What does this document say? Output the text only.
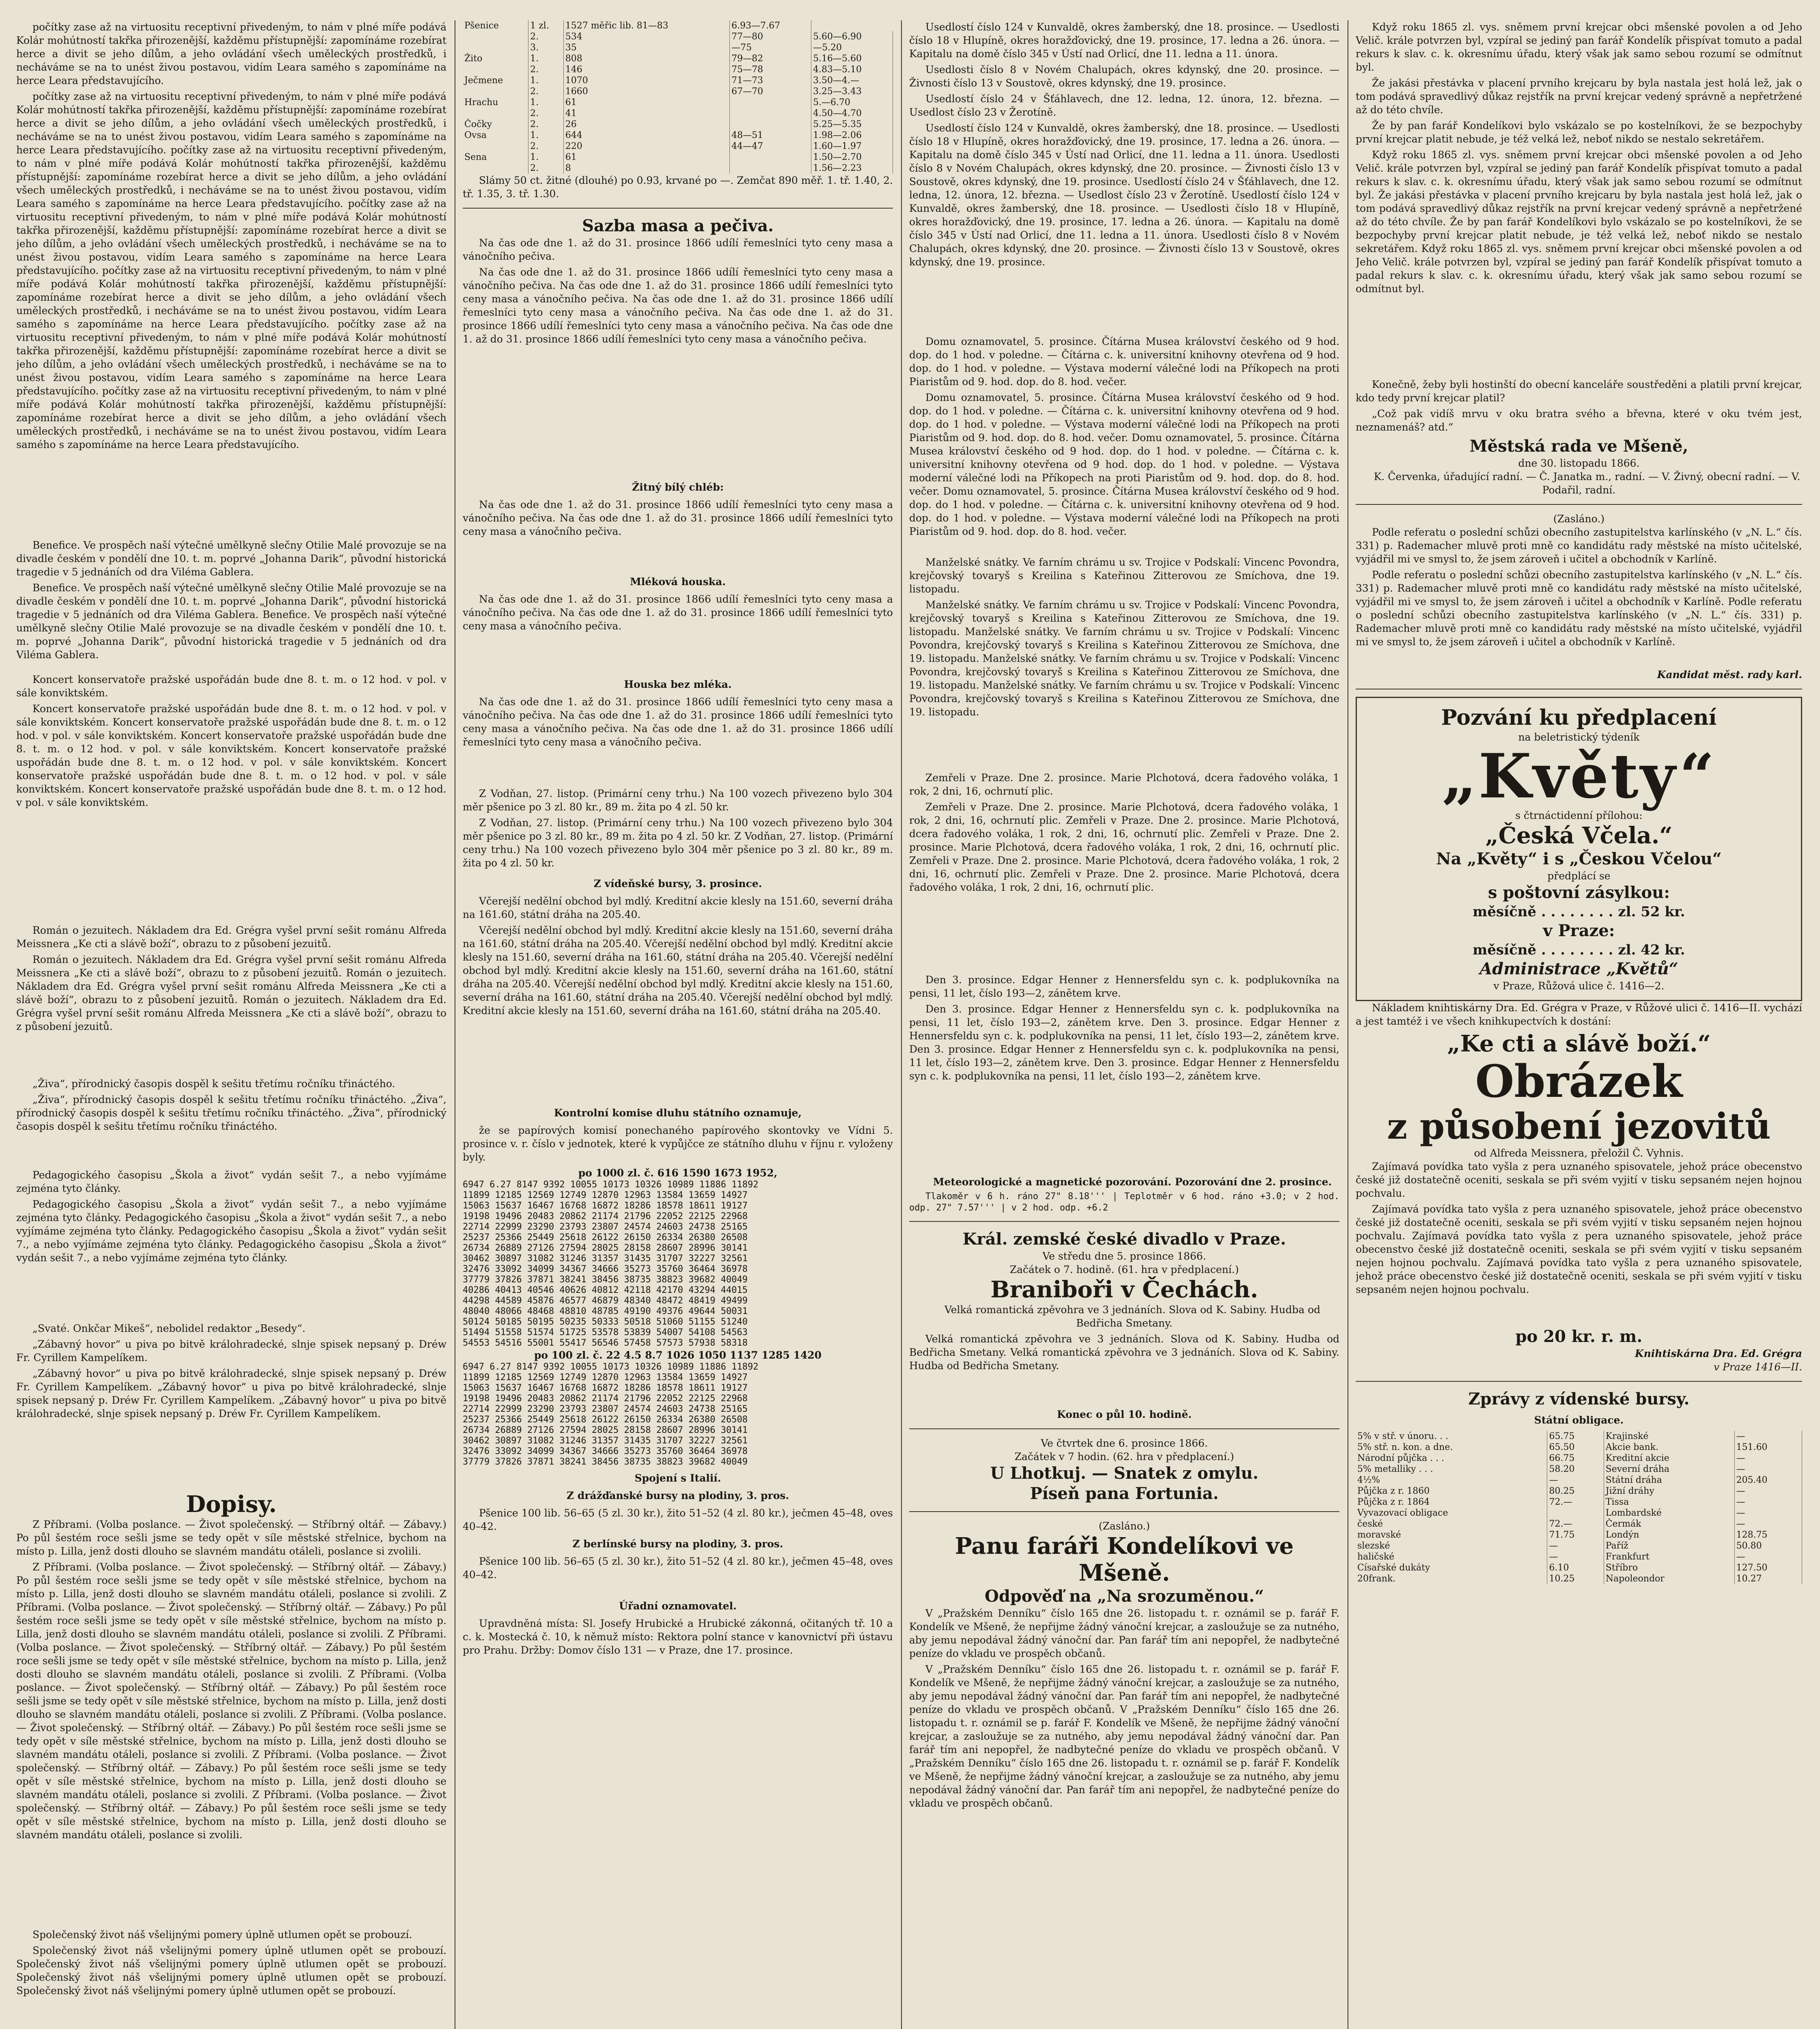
počítky zase až na virtuositu receptivní přivedeným, to nám v plné míře podává Kolár mohútností takřka přirozenější, každěmu přístupnější: zapomínáme rozebírat herce a divit se jeho dílům, a jeho ovládání všech uměleckých prostředků, i necháváme se na to unést živou postavou, vidím Leara samého s zapomínáme na herce Leara představujícího.

počítky zase až na virtuositu receptivní přivedeným, to nám v plné míře podává Kolár mohútností takřka přirozenější, každěmu přístupnější: zapomínáme rozebírat herce a divit se jeho dílům, a jeho ovládání všech uměleckých prostředků, i necháváme se na to unést živou postavou, vidím Leara samého s zapomínáme na herce Leara představujícího. počítky zase až na virtuositu receptivní přivedeným, to nám v plné míře podává Kolár mohútností takřka přirozenější, každěmu přístupnější: zapomínáme rozebírat herce a divit se jeho dílům, a jeho ovládání všech uměleckých prostředků, i necháváme se na to unést živou postavou, vidím Leara samého s zapomínáme na herce Leara představujícího. počítky zase až na virtuositu receptivní přivedeným, to nám v plné míře podává Kolár mohútností takřka přirozenější, každěmu přístupnější: zapomínáme rozebírat herce a divit se jeho dílům, a jeho ovládání všech uměleckých prostředků, i necháváme se na to unést živou postavou, vidím Leara samého s zapomínáme na herce Leara představujícího. počítky zase až na virtuositu receptivní přivedeným, to nám v plné míře podává Kolár mohútností takřka přirozenější, každěmu přístupnější: zapomínáme rozebírat herce a divit se jeho dílům, a jeho ovládání všech uměleckých prostředků, i necháváme se na to unést živou postavou, vidím Leara samého s zapomínáme na herce Leara představujícího. počítky zase až na virtuositu receptivní přivedeným, to nám v plné míře podává Kolár mohútností takřka přirozenější, každěmu přístupnější: zapomínáme rozebírat herce a divit se jeho dílům, a jeho ovládání všech uměleckých prostředků, i necháváme se na to unést živou postavou, vidím Leara samého s zapomínáme na herce Leara představujícího. počítky zase až na virtuositu receptivní přivedeným, to nám v plné míře podává Kolár mohútností takřka přirozenější, každěmu přístupnější: zapomínáme rozebírat herce a divit se jeho dílům, a jeho ovládání všech uměleckých prostředků, i necháváme se na to unést živou postavou, vidím Leara samého s zapomínáme na herce Leara představujícího.

Benefice. Ve prospěch naší výtečné umělkyně slečny Otilie Malé provozuje se na divadle českém v pondělí dne 10. t. m. poprvé „Johanna Darik“, původní historická tragedie v 5 jednáních od dra Viléma Gablera.

Benefice. Ve prospěch naší výtečné umělkyně slečny Otilie Malé provozuje se na divadle českém v pondělí dne 10. t. m. poprvé „Johanna Darik“, původní historická tragedie v 5 jednáních od dra Viléma Gablera. Benefice. Ve prospěch naší výtečné umělkyně slečny Otilie Malé provozuje se na divadle českém v pondělí dne 10. t. m. poprvé „Johanna Darik“, původní historická tragedie v 5 jednáních od dra Viléma Gablera.

Koncert konservatoře pražské uspořádán bude dne 8. t. m. o 12 hod. v pol. v sále konviktském.

Koncert konservatoře pražské uspořádán bude dne 8. t. m. o 12 hod. v pol. v sále konviktském. Koncert konservatoře pražské uspořádán bude dne 8. t. m. o 12 hod. v pol. v sále konviktském. Koncert konservatoře pražské uspořádán bude dne 8. t. m. o 12 hod. v pol. v sále konviktském. Koncert konservatoře pražské uspořádán bude dne 8. t. m. o 12 hod. v pol. v sále konviktském. Koncert konservatoře pražské uspořádán bude dne 8. t. m. o 12 hod. v pol. v sále konviktském. Koncert konservatoře pražské uspořádán bude dne 8. t. m. o 12 hod. v pol. v sále konviktském.

Román o jezuitech. Nákladem dra Ed. Grégra vyšel první sešit románu Alfreda Meissnera „Ke cti a slávě boží“, obrazu to z působení jezuitů.

Román o jezuitech. Nákladem dra Ed. Grégra vyšel první sešit románu Alfreda Meissnera „Ke cti a slávě boží“, obrazu to z působení jezuitů. Román o jezuitech. Nákladem dra Ed. Grégra vyšel první sešit románu Alfreda Meissnera „Ke cti a slávě boží“, obrazu to z působení jezuitů. Román o jezuitech. Nákladem dra Ed. Grégra vyšel první sešit románu Alfreda Meissnera „Ke cti a slávě boží“, obrazu to z působení jezuitů.

„Živa“, přírodnický časopis dospěl k sešitu třetímu ročníku třináctého.

„Živa“, přírodnický časopis dospěl k sešitu třetímu ročníku třináctého. „Živa“, přírodnický časopis dospěl k sešitu třetímu ročníku třináctého. „Živa“, přírodnický časopis dospěl k sešitu třetímu ročníku třináctého.

Pedagogického časopisu „Škola a život“ vydán sešit 7., a nebo vyjímáme zejména tyto články.

Pedagogického časopisu „Škola a život“ vydán sešit 7., a nebo vyjímáme zejména tyto články. Pedagogického časopisu „Škola a život“ vydán sešit 7., a nebo vyjímáme zejména tyto články. Pedagogického časopisu „Škola a život“ vydán sešit 7., a nebo vyjímáme zejména tyto články. Pedagogického časopisu „Škola a život“ vydán sešit 7., a nebo vyjímáme zejména tyto články.

„Svaté. Onkčar Mikeš“, nebolidel redaktor „Besedy“.

„Zábavný hovor“ u piva po bitvě králohradecké, slnje spisek nepsaný p. Dréw Fr. Cyrillem Kampelíkem.

„Zábavný hovor“ u piva po bitvě králohradecké, slnje spisek nepsaný p. Dréw Fr. Cyrillem Kampelíkem. „Zábavný hovor“ u piva po bitvě králohradecké, slnje spisek nepsaný p. Dréw Fr. Cyrillem Kampelíkem. „Zábavný hovor“ u piva po bitvě králohradecké, slnje spisek nepsaný p. Dréw Fr. Cyrillem Kampelíkem.

Dopisy.

Z Příbrami. (Volba poslance. — Život společenský. — Stříbrný oltář. — Zábavy.) Po půl šestém roce sešli jsme se tedy opět v síle městské střelnice, bychom na místo p. Lilla, jenž dosti dlouho se slavném mandátu otáleli, poslance si zvolili.

Z Příbrami. (Volba poslance. — Život společenský. — Stříbrný oltář. — Zábavy.) Po půl šestém roce sešli jsme se tedy opět v síle městské střelnice, bychom na místo p. Lilla, jenž dosti dlouho se slavném mandátu otáleli, poslance si zvolili. Z Příbrami. (Volba poslance. — Život společenský. — Stříbrný oltář. — Zábavy.) Po půl šestém roce sešli jsme se tedy opět v síle městské střelnice, bychom na místo p. Lilla, jenž dosti dlouho se slavném mandátu otáleli, poslance si zvolili. Z Příbrami. (Volba poslance. — Život společenský. — Stříbrný oltář. — Zábavy.) Po půl šestém roce sešli jsme se tedy opět v síle městské střelnice, bychom na místo p. Lilla, jenž dosti dlouho se slavném mandátu otáleli, poslance si zvolili. Z Příbrami. (Volba poslance. — Život společenský. — Stříbrný oltář. — Zábavy.) Po půl šestém roce sešli jsme se tedy opět v síle městské střelnice, bychom na místo p. Lilla, jenž dosti dlouho se slavném mandátu otáleli, poslance si zvolili. Z Příbrami. (Volba poslance. — Život společenský. — Stříbrný oltář. — Zábavy.) Po půl šestém roce sešli jsme se tedy opět v síle městské střelnice, bychom na místo p. Lilla, jenž dosti dlouho se slavném mandátu otáleli, poslance si zvolili. Z Příbrami. (Volba poslance. — Život společenský. — Stříbrný oltář. — Zábavy.) Po půl šestém roce sešli jsme se tedy opět v síle městské střelnice, bychom na místo p. Lilla, jenž dosti dlouho se slavném mandátu otáleli, poslance si zvolili. Z Příbrami. (Volba poslance. — Život společenský. — Stříbrný oltář. — Zábavy.) Po půl šestém roce sešli jsme se tedy opět v síle městské střelnice, bychom na místo p. Lilla, jenž dosti dlouho se slavném mandátu otáleli, poslance si zvolili.

Společenský život náš všelijnými pomery úplně utlumen opět se probouzí.

Společenský život náš všelijnými pomery úplně utlumen opět se probouzí. Společenský život náš všelijnými pomery úplně utlumen opět se probouzí. Společenský život náš všelijnými pomery úplně utlumen opět se probouzí. Společenský život náš všelijnými pomery úplně utlumen opět se probouzí.

Pšenice	1 zl.	1527 měřic lib. 81—83	6.93—7.67	
	2.	534	77—80	5.60—6.90
	3.	35	—75	—5.20
Žito	1.	808	79—82	5.16—5.60
	2.	146	75—78	4.83—5.10
Ječmene	1.	1070	71—73	3.50—4.—
	2.	1660	67—70	3.25—3.43
Hrachu	1.	61		5.—6.70
	2.	41		4.50—4.70
Čočky	2.	26		5.25—5.35
Ovsa	1.	644	48—51	1.98—2.06
	2.	220	44—47	1.60—1.97
Sena	1.	61		1.50—2.70
	2.	8		1.56—2.23

Slámy 50 ct. žitné (dlouhé) po 0.93, krvané po —. Zemčat 890 měř. 1. tř. 1.40, 2. tř. 1.35, 3. tř. 1.30.

Sazba masa a pečiva.

Na čas ode dne 1. až do 31. prosince 1866 udílí řemeslníci tyto ceny masa a vánočního pečiva.

Na čas ode dne 1. až do 31. prosince 1866 udílí řemeslníci tyto ceny masa a vánočního pečiva. Na čas ode dne 1. až do 31. prosince 1866 udílí řemeslníci tyto ceny masa a vánočního pečiva. Na čas ode dne 1. až do 31. prosince 1866 udílí řemeslníci tyto ceny masa a vánočního pečiva. Na čas ode dne 1. až do 31. prosince 1866 udílí řemeslníci tyto ceny masa a vánočního pečiva. Na čas ode dne 1. až do 31. prosince 1866 udílí řemeslníci tyto ceny masa a vánočního pečiva.

Žitný bílý chléb:

Na čas ode dne 1. až do 31. prosince 1866 udílí řemeslníci tyto ceny masa a vánočního pečiva. Na čas ode dne 1. až do 31. prosince 1866 udílí řemeslníci tyto ceny masa a vánočního pečiva.

Mléková houska.

Na čas ode dne 1. až do 31. prosince 1866 udílí řemeslníci tyto ceny masa a vánočního pečiva. Na čas ode dne 1. až do 31. prosince 1866 udílí řemeslníci tyto ceny masa a vánočního pečiva.

Houska bez mléka.

Na čas ode dne 1. až do 31. prosince 1866 udílí řemeslníci tyto ceny masa a vánočního pečiva. Na čas ode dne 1. až do 31. prosince 1866 udílí řemeslníci tyto ceny masa a vánočního pečiva. Na čas ode dne 1. až do 31. prosince 1866 udílí řemeslníci tyto ceny masa a vánočního pečiva.

Z Vodňan, 27. listop. (Primární ceny trhu.) Na 100 vozech přivezeno bylo 304 měr pšenice po 3 zl. 80 kr., 89 m. žita po 4 zl. 50 kr.

Z Vodňan, 27. listop. (Primární ceny trhu.) Na 100 vozech přivezeno bylo 304 měr pšenice po 3 zl. 80 kr., 89 m. žita po 4 zl. 50 kr. Z Vodňan, 27. listop. (Primární ceny trhu.) Na 100 vozech přivezeno bylo 304 měr pšenice po 3 zl. 80 kr., 89 m. žita po 4 zl. 50 kr.

Z vídeňské bursy, 3. prosince.

Včerejší nedělní obchod byl mdlý. Kreditní akcie klesly na 151.60, severní dráha na 161.60, státní dráha na 205.40.

Včerejší nedělní obchod byl mdlý. Kreditní akcie klesly na 151.60, severní dráha na 161.60, státní dráha na 205.40. Včerejší nedělní obchod byl mdlý. Kreditní akcie klesly na 151.60, severní dráha na 161.60, státní dráha na 205.40. Včerejší nedělní obchod byl mdlý. Kreditní akcie klesly na 151.60, severní dráha na 161.60, státní dráha na 205.40. Včerejší nedělní obchod byl mdlý. Kreditní akcie klesly na 151.60, severní dráha na 161.60, státní dráha na 205.40. Včerejší nedělní obchod byl mdlý. Kreditní akcie klesly na 151.60, severní dráha na 161.60, státní dráha na 205.40.

Kontrolní komise dluhu státního oznamuje,

že se papírových komisí ponechaného papírového skontovky ve Vídni 5. prosince v. r. číslo v jednotek, které k vypůjčce ze státního dluhu v říjnu r. vyloženy byly.

po 1000 zl. č. 616 1590 1673 1952,
6947 6.27 8147 9392 10055 10173 10326 10989 11886 11892
11899 12185 12569 12749 12870 12963 13584 13659 14927
15063 15637 16467 16768 16872 18286 18578 18611 19127
19198 19496 20483 20862 21174 21796 22052 22125 22968
22714 22999 23290 23793 23807 24574 24603 24738 25165
25237 25366 25449 25618 26122 26150 26334 26380 26508
26734 26889 27126 27594 28025 28158 28607 28996 30141
30462 30897 31082 31246 31357 31435 31707 32227 32561
32476 33092 34099 34367 34666 35273 35760 36464 36978
37779 37826 37871 38241 38456 38735 38823 39682 40049
40286 40413 40546 40626 40812 42118 42170 43294 44015
44298 44589 45876 46577 46879 48340 48472 48419 49499
48040 48066 48468 48810 48785 49190 49376 49644 50031
50124 50185 50195 50235 50333 50518 51060 51155 51240
51494 51558 51574 51725 53578 53839 54007 54108 54563
54553 54516 55001 55417 56546 57458 57573 57938 58318
po 100 zl. č. 22 4.5 8.7 1026 1050 1137 1285 1420
6947 6.27 8147 9392 10055 10173 10326 10989 11886 11892
11899 12185 12569 12749 12870 12963 13584 13659 14927
15063 15637 16467 16768 16872 18286 18578 18611 19127
19198 19496 20483 20862 21174 21796 22052 22125 22968
22714 22999 23290 23793 23807 24574 24603 24738 25165
25237 25366 25449 25618 26122 26150 26334 26380 26508
26734 26889 27126 27594 28025 28158 28607 28996 30141
30462 30897 31082 31246 31357 31435 31707 32227 32561
32476 33092 34099 34367 34666 35273 35760 36464 36978
37779 37826 37871 38241 38456 38735 38823 39682 40049
Spojení s Italií.
Z drážďanské bursy na plodiny, 3. pros.

Pšenice 100 lib. 56–65 (5 zl. 30 kr.), žito 51–52 (4 zl. 80 kr.), ječmen 45–48, oves 40–42.

Z berlínské bursy na plodiny, 3. pros.

Pšenice 100 lib. 56–65 (5 zl. 30 kr.), žito 51–52 (4 zl. 80 kr.), ječmen 45–48, oves 40–42.

Úřadní oznamovatel.

Upravdněná místa: Sl. Josefy Hrubické a Hrubické zákonná, očitaných tř. 10 a c. k. Mostecká č. 10, k němuž místo: Rektora polní stance v kanovnictví při ústavu pro Prahu. Držby: Domov číslo 131 — v Praze, dne 17. prosince.

Usedlostí číslo 124 v Kunvaldě, okres žamberský, dne 18. prosince. — Usedlosti číslo 18 v Hlupíně, okres horažďovický, dne 19. prosince, 17. ledna a 26. února. — Kapitalu na domě číslo 345 v Ústí nad Orlicí, dne 11. ledna a 11. února.

Usedlosti číslo 8 v Novém Chalupách, okres kdynský, dne 20. prosince. — Živnosti číslo 13 v Soustově, okres kdynský, dne 19. prosince.

Usedlostí číslo 24 v Šťáhlavech, dne 12. ledna, 12. února, 12. března. — Usedlost číslo 23 v Žerotíně.

Usedlostí číslo 124 v Kunvaldě, okres žamberský, dne 18. prosince. — Usedlosti číslo 18 v Hlupíně, okres horažďovický, dne 19. prosince, 17. ledna a 26. února. — Kapitalu na domě číslo 345 v Ústí nad Orlicí, dne 11. ledna a 11. února. Usedlosti číslo 8 v Novém Chalupách, okres kdynský, dne 20. prosince. — Živnosti číslo 13 v Soustově, okres kdynský, dne 19. prosince. Usedlostí číslo 24 v Šťáhlavech, dne 12. ledna, 12. února, 12. března. — Usedlost číslo 23 v Žerotíně. Usedlostí číslo 124 v Kunvaldě, okres žamberský, dne 18. prosince. — Usedlosti číslo 18 v Hlupíně, okres horažďovický, dne 19. prosince, 17. ledna a 26. února. — Kapitalu na domě číslo 345 v Ústí nad Orlicí, dne 11. ledna a 11. února. Usedlosti číslo 8 v Novém Chalupách, okres kdynský, dne 20. prosince. — Živnosti číslo 13 v Soustově, okres kdynský, dne 19. prosince.

Domu oznamovatel, 5. prosince. Čítárna Musea království českého od 9 hod. dop. do 1 hod. v poledne. — Čítárna c. k. universitní knihovny otevřena od 9 hod. dop. do 1 hod. v poledne. — Výstava moderní válečné lodi na Příkopech na proti Piaristům od 9. hod. dop. do 8. hod. večer.

Domu oznamovatel, 5. prosince. Čítárna Musea království českého od 9 hod. dop. do 1 hod. v poledne. — Čítárna c. k. universitní knihovny otevřena od 9 hod. dop. do 1 hod. v poledne. — Výstava moderní válečné lodi na Příkopech na proti Piaristům od 9. hod. dop. do 8. hod. večer. Domu oznamovatel, 5. prosince. Čítárna Musea království českého od 9 hod. dop. do 1 hod. v poledne. — Čítárna c. k. universitní knihovny otevřena od 9 hod. dop. do 1 hod. v poledne. — Výstava moderní válečné lodi na Příkopech na proti Piaristům od 9. hod. dop. do 8. hod. večer. Domu oznamovatel, 5. prosince. Čítárna Musea království českého od 9 hod. dop. do 1 hod. v poledne. — Čítárna c. k. universitní knihovny otevřena od 9 hod. dop. do 1 hod. v poledne. — Výstava moderní válečné lodi na Příkopech na proti Piaristům od 9. hod. dop. do 8. hod. večer.

Manželské snátky. Ve farním chrámu u sv. Trojice v Podskalí: Vincenc Povondra, krejčovský tovaryš s Kreilina s Kateřinou Zitterovou ze Smíchova, dne 19. listopadu.

Manželské snátky. Ve farním chrámu u sv. Trojice v Podskalí: Vincenc Povondra, krejčovský tovaryš s Kreilina s Kateřinou Zitterovou ze Smíchova, dne 19. listopadu. Manželské snátky. Ve farním chrámu u sv. Trojice v Podskalí: Vincenc Povondra, krejčovský tovaryš s Kreilina s Kateřinou Zitterovou ze Smíchova, dne 19. listopadu. Manželské snátky. Ve farním chrámu u sv. Trojice v Podskalí: Vincenc Povondra, krejčovský tovaryš s Kreilina s Kateřinou Zitterovou ze Smíchova, dne 19. listopadu. Manželské snátky. Ve farním chrámu u sv. Trojice v Podskalí: Vincenc Povondra, krejčovský tovaryš s Kreilina s Kateřinou Zitterovou ze Smíchova, dne 19. listopadu.

Zemřeli v Praze. Dne 2. prosince. Marie Plchotová, dcera řadového voláka, 1 rok, 2 dni, 16, ochrnutí plic.

Zemřeli v Praze. Dne 2. prosince. Marie Plchotová, dcera řadového voláka, 1 rok, 2 dni, 16, ochrnutí plic. Zemřeli v Praze. Dne 2. prosince. Marie Plchotová, dcera řadového voláka, 1 rok, 2 dni, 16, ochrnutí plic. Zemřeli v Praze. Dne 2. prosince. Marie Plchotová, dcera řadového voláka, 1 rok, 2 dni, 16, ochrnutí plic. Zemřeli v Praze. Dne 2. prosince. Marie Plchotová, dcera řadového voláka, 1 rok, 2 dni, 16, ochrnutí plic. Zemřeli v Praze. Dne 2. prosince. Marie Plchotová, dcera řadového voláka, 1 rok, 2 dni, 16, ochrnutí plic.

Den 3. prosince. Edgar Henner z Hennersfeldu syn c. k. podplukovníka na pensi, 11 let, číslo 193—2, zánětem krve.

Den 3. prosince. Edgar Henner z Hennersfeldu syn c. k. podplukovníka na pensi, 11 let, číslo 193—2, zánětem krve. Den 3. prosince. Edgar Henner z Hennersfeldu syn c. k. podplukovníka na pensi, 11 let, číslo 193—2, zánětem krve. Den 3. prosince. Edgar Henner z Hennersfeldu syn c. k. podplukovníka na pensi, 11 let, číslo 193—2, zánětem krve. Den 3. prosince. Edgar Henner z Hennersfeldu syn c. k. podplukovníka na pensi, 11 let, číslo 193—2, zánětem krve.

Meteorologické a magnetické pozorování. Pozorování dne 2. prosince.

Tlakoměr v 6 h. ráno 27" 8.18''' | Teplotměr v 6 hod. ráno +3.0; v 2 hod. odp. 27" 7.57''' | v 2 hod. odp. +6.2

Král. zemské české divadlo v Praze.
Ve středu dne 5. prosince 1866.
Začátek o 7. hodině. (61. hra v předplacení.)
Braniboři v Čechách.

Velká romantická zpěvohra ve 3 jednáních. Slova od K. Sabiny. Hudba od Bedřicha Smetany.

Velká romantická zpěvohra ve 3 jednáních. Slova od K. Sabiny. Hudba od Bedřicha Smetany. Velká romantická zpěvohra ve 3 jednáních. Slova od K. Sabiny. Hudba od Bedřicha Smetany.

Konec o půl 10. hodině.
Ve čtvrtek dne 6. prosince 1866.
Začátek v 7 hodin. (62. hra v předplacení.)
U Lhotkuj. — Snatek z omylu.
Píseň pana Fortunia.
(Zasláno.)
Panu faráři Kondelíkovi ve Mšeně.
Odpověď na „Na srozuměnou.“

V „Pražském Denníku“ číslo 165 dne 26. listopadu t. r. oznámil se p. farář F. Kondelík ve Mšeně, že nepřijme žádný vánoční krejcar, a zasloužuje se za nutného, aby jemu nepodával žádný vánoční dar. Pan farář tím ani nepopřel, že nadbytečné peníze do vkladu ve prospěch občanů.

V „Pražském Denníku“ číslo 165 dne 26. listopadu t. r. oznámil se p. farář F. Kondelík ve Mšeně, že nepřijme žádný vánoční krejcar, a zasloužuje se za nutného, aby jemu nepodával žádný vánoční dar. Pan farář tím ani nepopřel, že nadbytečné peníze do vkladu ve prospěch občanů. V „Pražském Denníku“ číslo 165 dne 26. listopadu t. r. oznámil se p. farář F. Kondelík ve Mšeně, že nepřijme žádný vánoční krejcar, a zasloužuje se za nutného, aby jemu nepodával žádný vánoční dar. Pan farář tím ani nepopřel, že nadbytečné peníze do vkladu ve prospěch občanů. V „Pražském Denníku“ číslo 165 dne 26. listopadu t. r. oznámil se p. farář F. Kondelík ve Mšeně, že nepřijme žádný vánoční krejcar, a zasloužuje se za nutného, aby jemu nepodával žádný vánoční dar. Pan farář tím ani nepopřel, že nadbytečné peníze do vkladu ve prospěch občanů.

Když roku 1865 zl. vys. sněmem první krejcar obci mšenské povolen a od Jeho Velič. krále potvrzen byl, vzpíral se jediný pan farář Kondelík přispívat tomuto a padal rekurs k slav. c. k. okresnímu úřadu, který však jak samo sebou rozumí se odmítnut byl.

Že jakási přestávka v placení prvního krejcaru by byla nastala jest holá lež, jak o tom podává spravedlivý důkaz rejstřík na první krejcar vedený správně a nepřetržené až do této chvíle.

Že by pan farář Kondelíkovi bylo vskázalo se po kostelníkovi, že se bezpochyby první krejcar platit nebude, je též velká lež, neboť nikdo se nestalo sekretářem.

Když roku 1865 zl. vys. sněmem první krejcar obci mšenské povolen a od Jeho Velič. krále potvrzen byl, vzpíral se jediný pan farář Kondelík přispívat tomuto a padal rekurs k slav. c. k. okresnímu úřadu, který však jak samo sebou rozumí se odmítnut byl. Že jakási přestávka v placení prvního krejcaru by byla nastala jest holá lež, jak o tom podává spravedlivý důkaz rejstřík na první krejcar vedený správně a nepřetržené až do této chvíle. Že by pan farář Kondelíkovi bylo vskázalo se po kostelníkovi, že se bezpochyby první krejcar platit nebude, je též velká lež, neboť nikdo se nestalo sekretářem. Když roku 1865 zl. vys. sněmem první krejcar obci mšenské povolen a od Jeho Velič. krále potvrzen byl, vzpíral se jediný pan farář Kondelík přispívat tomuto a padal rekurs k slav. c. k. okresnímu úřadu, který však jak samo sebou rozumí se odmítnut byl.

Konečně, žeby byli hostinští do obecní kanceláře soustředěni a platili první krejcar, kdo tedy první krejcar platil?

„Což pak vidíš mrvu v oku bratra svého a břevna, které v oku tvém jest, neznamenáš? atd.“

Městská rada ve Mšeně,
dne 30. listopadu 1866.

K. Červenka, úřadující radní. — Č. Janatka m., radní. — V. Živný, obecní radní. — V. Podařil, radní.

(Zasláno.)

Podle referatu o poslední schůzi obecního zastupitelstva karlínského (v „N. L.“ čís. 331) p. Rademacher mluvě proti mně co kandidátu rady městské na místo učitelské, vyjádřil mi ve smysl to, že jsem zároveň i učitel a obchodník v Karlíně.

Podle referatu o poslední schůzi obecního zastupitelstva karlínského (v „N. L.“ čís. 331) p. Rademacher mluvě proti mně co kandidátu rady městské na místo učitelské, vyjádřil mi ve smysl to, že jsem zároveň i učitel a obchodník v Karlíně. Podle referatu o poslední schůzi obecního zastupitelstva karlínského (v „N. L.“ čís. 331) p. Rademacher mluvě proti mně co kandidátu rady městské na místo učitelské, vyjádřil mi ve smysl to, že jsem zároveň i učitel a obchodník v Karlíně.

Kandidat měst. rady karl.
Pozvání ku předplacení
na beletristický týdeník
„Květy“
s čtrnáctidenní přílohou:
„Česká Včela.“
Na „Květy“ i s „Českou Včelou“
předplácí se
s poštovní zásylkou:
měsíčně . . . . . . . . zl. 52 kr.
v Praze:
měsíčně . . . . . . . . zl. 42 kr.
Administrace „Květů“
v Praze, Růžová ulice č. 1416—2.

Nákladem knihtiskárny Dra. Ed. Grégra v Praze, v Růžové ulici č. 1416—II. vychází a jest tamtéž i ve všech knihkupectvích k dostání:

„Ke cti a slávě boží.“
Obrázek
z působení jezovitů
od Alfreda Meissnera, přeložil Č. Vyhnis.

Zajímavá povídka tato vyšla z pera uznaného spisovatele, jehož práce obecenstvo české již dostatečně oceniti, seskala se při svém vyjití v tisku sepsaném nejen hojnou pochvalu.

Zajímavá povídka tato vyšla z pera uznaného spisovatele, jehož práce obecenstvo české již dostatečně oceniti, seskala se při svém vyjití v tisku sepsaném nejen hojnou pochvalu. Zajímavá povídka tato vyšla z pera uznaného spisovatele, jehož práce obecenstvo české již dostatečně oceniti, seskala se při svém vyjití v tisku sepsaném nejen hojnou pochvalu. Zajímavá povídka tato vyšla z pera uznaného spisovatele, jehož práce obecenstvo české již dostatečně oceniti, seskala se při svém vyjití v tisku sepsaném nejen hojnou pochvalu.

po 20 kr. r. m.
Knihtiskárna Dra. Ed. Grégra
v Praze 1416—II.
Zprávy z vídenské bursy.
Státní obligace.
5% v stř. v únoru. . .	65.75	Krajinské	—
5% stř. n. kon. a dne.	65.50	Akcie bank.	151.60
Národní půjčka . . .	66.75	Kreditní akcie	—
5% metalliky . . .	58.20	Severní dráha	—
4½%	—	Státní dráha	205.40
Půjčka z r. 1860	80.25	Jižní dráhy	—
Půjčka z r. 1864	72.—	Tissa	—
Vyvazovací obligace		Lombardské	—
české	72.—	Čermák	—
moravské	71.75	Londýn	128.75
slezské	—	Paříž	50.80
haličské	—	Frankfurt	—
Císařské dukáty	6.10	Stříbro	127.50
20frank.	10.25	Napoleondor	10.27
